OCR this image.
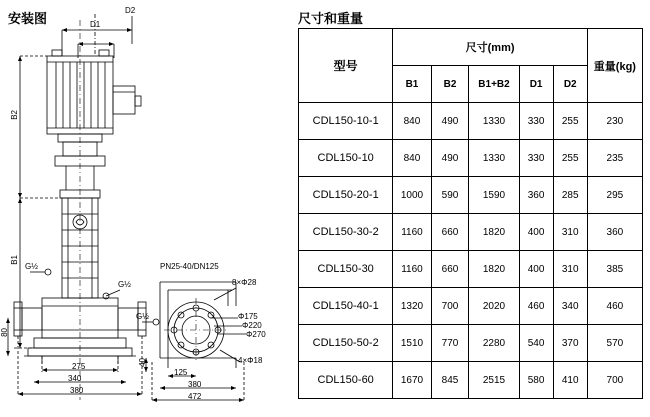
安装图
D2
D1
B2
B1
80
G½
G½
G½
275
340
380
PN25-40/DN125
8×Φ28
4×Φ18
Φ175
Φ220
Φ270
40
125
380
472
尺寸和重量
型号	尺寸(mm)					重量(kg)
	B1	B2	B1+B2	D1	D2	
CDL150-10-1	840	490	1330	330	255	230
CDL150-10	840	490	1330	330	255	235
CDL150-20-1	1000	590	1590	360	285	295
CDL150-30-2	1160	660	1820	400	310	360
CDL150-30	1160	660	1820	400	310	385
CDL150-40-1	1320	700	2020	460	340	460
CDL150-50-2	1510	770	2280	540	370	570
CDL150-60	1670	845	2515	580	410	700
